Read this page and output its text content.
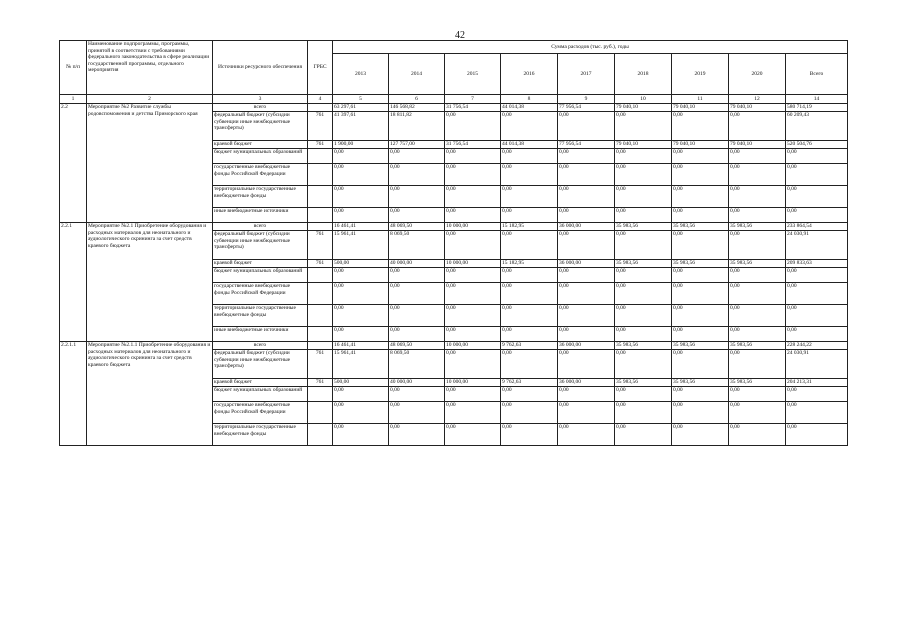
42
№ п/п	Наименование подпрограммы, программы, принятой в соответствии с требованиями федерального законодательства в сфере реализации государственной программы, отдельного мероприятия	Источники ресурсного обеспечения	ГРБС	Сумма расходов (тыс. руб.), годы								
				2013	2014	2015	2016	2017	2018	2019	2020	Всего
1	2	3	4	5	6	7	8	9	10	11	12	14
2.2	Мероприятие №2 Развитие службы родовспоможения и детства Приморского края	всего		63 297,61	146 568,82	31 756,54	44 014,38	77 956,54	79 040,10	79 040,10	79 040,10	580 714,19
		федеральный бюджет (субсидии субвенции иные межбюджетные трансферты)	761	41 397,61	18 811,82	0,00	0,00	0,00	0,00	0,00	0,00	60 209,43
		краевой бюджет	761	1 900,00	127 757,00	31 756,54	44 014,38	77 956,54	79 040,10	79 040,10	79 040,10	520 504,76
		бюджет муниципальных образований		0,00	0,00	0,00	0,00	0,00	0,00	0,00	0,00	0,00
		государственные внебюджетные фонды Российской Федерации		0,00	0,00	0,00	0,00	0,00	0,00	0,00	0,00	0,00
		территориальные государственные внебюджетные фонды		0,00	0,00	0,00	0,00	0,00	0,00	0,00	0,00	0,00
		иные внебюджетные источники		0,00	0,00	0,00	0,00	0,00	0,00	0,00	0,00	0,00
2.2.1	Мероприятие №2.1 Приобретение оборудования и расходных материалов для неонатального и аудиологического скрининга за счет средств краевого бюджета	всего		16 461,41	48 069,50	10 000,00	15 182,95	36 000,00	35 983,56	35 983,56	35 983,56	233 864,54
		федеральный бюджет (субсидии субвенции иные межбюджетные трансферты)	761	15 961,41	8 069,50	0,00	0,00	0,00	0,00	0,00	0,00	24 030,91
		краевой бюджет	761	500,00	40 000,00	10 000,00	15 182,95	36 000,00	35 983,56	35 983,56	35 983,56	209 833,63
		бюджет муниципальных образований		0,00	0,00	0,00	0,00	0,00	0,00	0,00	0,00	0,00
		государственные внебюджетные фонды Российской Федерации		0,00	0,00	0,00	0,00	0,00	0,00	0,00	0,00	0,00
		территориальные государственные внебюджетные фонды		0,00	0,00	0,00	0,00	0,00	0,00	0,00	0,00	0,00
		иные внебюджетные источники		0,00	0,00	0,00	0,00	0,00	0,00	0,00	0,00	0,00
2.2.1.1	Мероприятие №2.1.1 Приобретение оборудования и расходных материалов для неонатального и аудиологического скрининга за счет средств краевого бюджета	всего		16 461,41	48 069,50	10 000,00	9 762,63	36 000,00	35 983,56	35 983,56	35 983,56	228 244,22
		федеральный бюджет (субсидии субвенции иные межбюджетные трансферты)	761	15 961,41	8 069,50	0,00	0,00	0,00	0,00	0,00	0,00	24 030,91
		краевой бюджет	761	500,00	40 000,00	10 000,00	9 762,63	36 000,00	35 983,56	35 983,56	35 983,56	204 213,31
		бюджет муниципальных образований		0,00	0,00	0,00	0,00	0,00	0,00	0,00	0,00	0,00
		государственные внебюджетные фонды Российской Федерации		0,00	0,00	0,00	0,00	0,00	0,00	0,00	0,00	0,00
		территориальные государственные внебюджетные фонды		0,00	0,00	0,00	0,00	0,00	0,00	0,00	0,00	0,00
